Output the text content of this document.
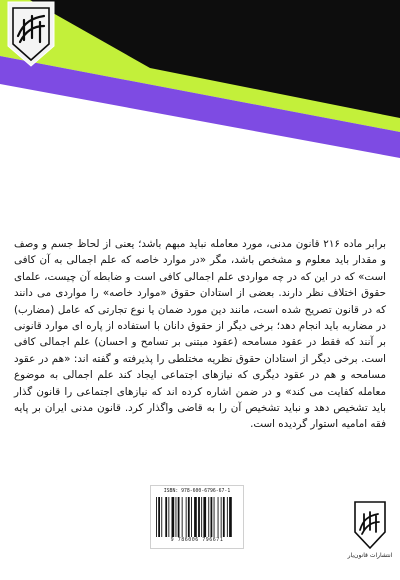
برابر ماده ۲۱۶ قانون مدنی، مورد معامله نباید مبهم باشد؛ یعنی از لحاظ جسم و وصف و مقدار باید معلوم و مشخص باشد، مگر «در موارد خاصه که علم اجمالی به آن کافی است» که در این که در چه مواردی علم اجمالی کافی است و ضابطه آن چیست، علمای حقوق اختلاف نظر دارند. بعضی از استادان حقوق «موارد خاصه» را مواردی می دانند که در قانون تصریح شده است، مانند دین مورد ضمان یا نوع تجارتی که عامل (مضارب) در مضاربه باید انجام دهد؛ برخی دیگر از حقوق دانان با استفاده از پاره ای موارد قانونی بر آنند که فقط در عقود مسامحه (عقود مبتنی بر تسامح و احسان) علم اجمالی کافی است. برخی دیگر از استادان حقوق نظریه مختلطی را پذیرفته و گفته اند: «هم در عقود مسامحه و هم در عقود دیگری که نیازهای اجتماعی ایجاد کند علم اجمالی به موضوع معامله کفایت می کند» و در ضمن اشاره کرده اند که نیازهای اجتماعی را قانون گذار باید تشخیص دهد و نباید تشخیص آن را به قاضی واگذار کرد. قانون مدنی ایران بر پایه فقه امامیه استوار گردیده است.
ISBN: 978-600-6796-67-1
9 786006 796671
انتشارات قانون‌یار
